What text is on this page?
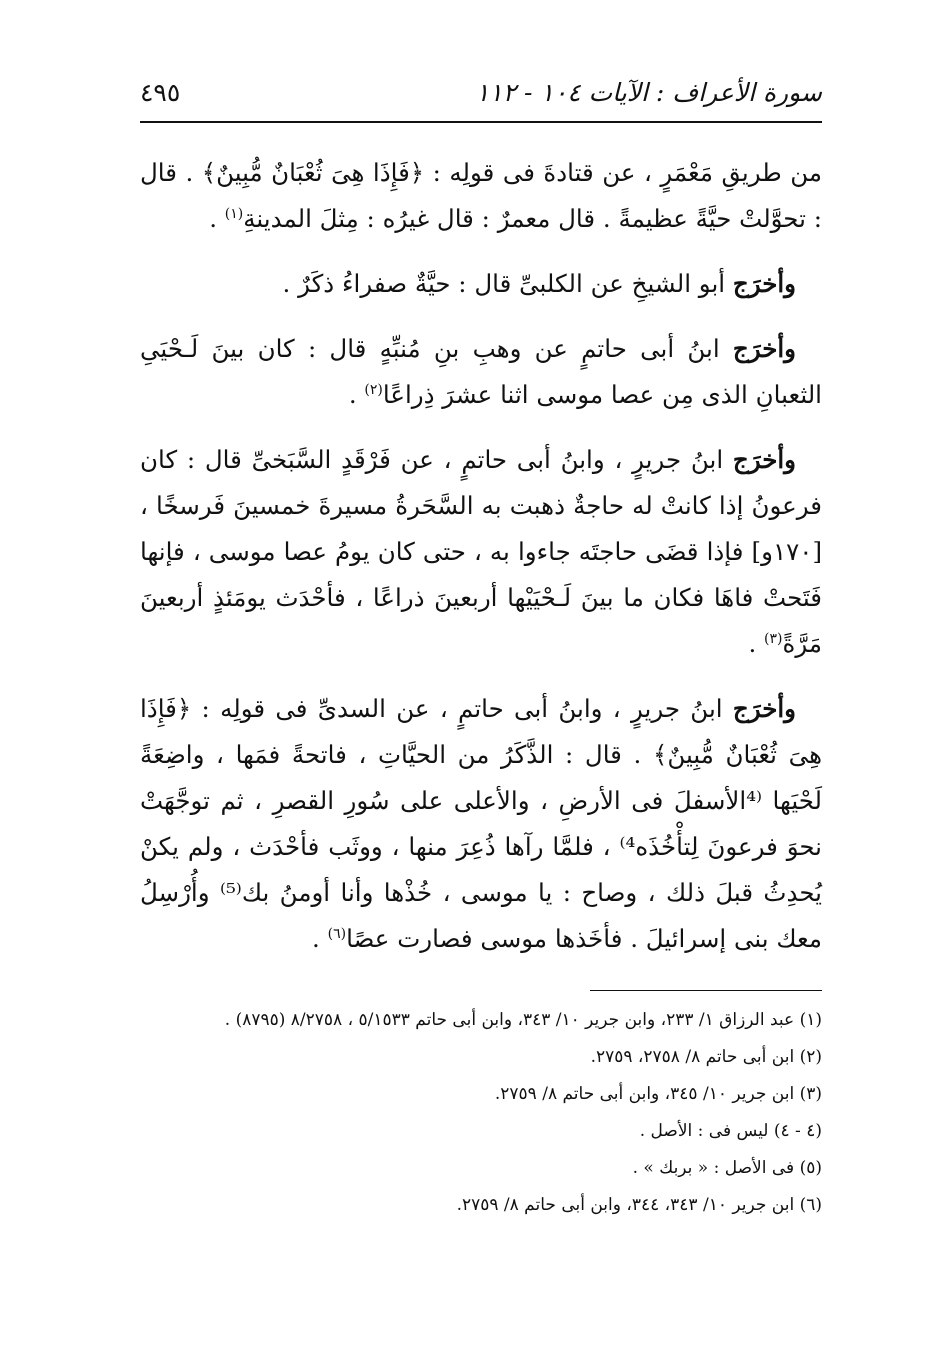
سورة الأعراف : الآيات ١٠٤ - ١١٢
٤٩٥

من طريقِ مَعْمَرٍ ، عن قتادةَ فى قولِه : ﴿فَإِذَا هِىَ ثُعْبَانٌ مُّبِينٌ﴾ . قال : تحوَّلتْ حيَّةً عظيمةً . قال معمرٌ : قال غيرُه : مِثلَ المدينةِ$^{(١)}$ .

وأخرَج أبو الشيخِ عن الكلبىِّ قال : حيَّةٌ صفراءُ ذكَرٌ .

وأخرَج ابنُ أبى حاتمٍ عن وهبِ بنِ مُنبِّهٍ قال : كان بينَ لَـحْيَىِ الثعبانِ الذى مِن عصا موسى اثنا عشرَ ذِراعًا$^{(٢)}$ .

وأخرَج ابنُ جريرٍ ، وابنُ أبى حاتمٍ ، عن فَرْقَدٍ السَّبَخىِّ قال : كان فرعونُ إذا كانتْ له حاجةٌ ذهبت به السَّحَرةُ مسيرةَ خمسينَ فَرسخًا ، [١٧٠و] فإذا قضَى حاجتَه جاءوا به ، حتى كان يومُ عصا موسى ، فإنها فَتَحتْ فاهَا فكان ما بينَ لَـحْيَيْها أربعينَ ذراعًا ، فأحْدَث يومَئذٍ أربعينَ مَرَّةً$^{(٣)}$ .

وأخرَج ابنُ جريرٍ ، وابنُ أبى حاتمٍ ، عن السدىِّ فى قولِه : ﴿فَإِذَا هِىَ ثُعْبَانٌ مُّبِينٌ﴾ . قال : الذَّكَرُ من الحيَّاتِ ، فاتحةً فمَها ، واضِعَةً لَحْيَها ⁽⁴الأسفلَ فى الأرضِ ، والأعلى على سُورِ القصرِ ، ثم توجَّهَتْ نحوَ فرعونَ لِتأْخُذَه⁴⁾ ، فلمَّا رآها ذُعِرَ منها ، ووثَب فأحْدَث ، ولم يكنْ يُحدِثُ قبلَ ذلك ، وصاح : يا موسى ، خُذْها وأنا أومنُ بك⁽⁵⁾ وأُرْسِلُ معك بنى إسرائيلَ . فأخَذها موسى فصارت عصًا$^{(٦)}$ .

(١) عبد الرزاق ١/ ٢٣٣، وابن جرير ١٠/ ٣٤٣، وابن أبى حاتم ٥/١٥٣٣ ، ٨/٢٧٥٨ (٨٧٩٥) .
(٢) ابن أبى حاتم ٨/ ٢٧٥٨، ٢٧٥٩.
(٣) ابن جرير ١٠/ ٣٤٥، وابن أبى حاتم ٨/ ٢٧٥٩.
(٤ - ٤) ليس فى : الأصل .
(٥) فى الأصل : « بربك » .
(٦) ابن جرير ١٠/ ٣٤٣، ٣٤٤، وابن أبى حاتم ٨/ ٢٧٥٩.
